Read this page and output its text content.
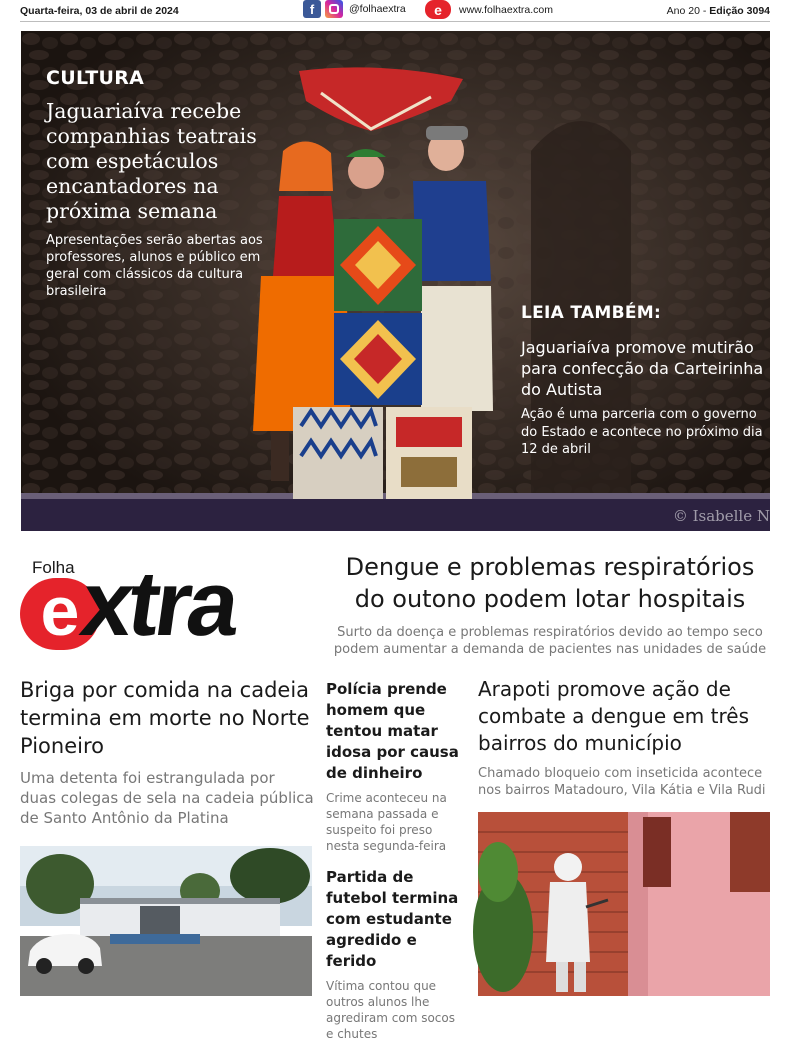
Quarta-feira, 03 de abril de 2024	f	@folhaextra	e	www.folhaextra.com	Ano 20 - Edição 3094
CULTURA
Jaguariaíva recebe companhias teatrais com espetáculos encantadores na próxima semana
Apresentações serão abertas aos professores, alunos e público em geral com clássicos da cultura brasileira
LEIA TAMBÉM:
Jaguariaíva promove mutirão para confecção da Carteirinha do Autista
Ação é uma parceria com o governo do Estado e acontece no próximo dia 12 de abril
© Isabelle N
Folha
e
xtra	Dengue e problemas respiratórios do outono podem lotar hospitais
Surto da doença e problemas respiratórios devido ao tempo seco podem aumentar a demanda de pacientes nas unidades de saúde
Briga por comida na cadeia termina em morte no Norte Pioneiro
Uma detenta foi estrangulada por duas colegas de sela na cadeia pública de Santo Antônio da Platina
Polícia prende homem que tentou matar idosa por causa de dinheiro
Crime aconteceu na semana passada e suspeito foi preso nesta segunda-feira
Partida de futebol termina com estudante agredido e ferido
Vítima contou que outros alunos lhe agrediram com socos e chutes
Arapoti promove ação de combate a dengue em três bairros do município
Chamado bloqueio com inseticida acontece nos bairros Matadouro, Vila Kátia e Vila Rudi
